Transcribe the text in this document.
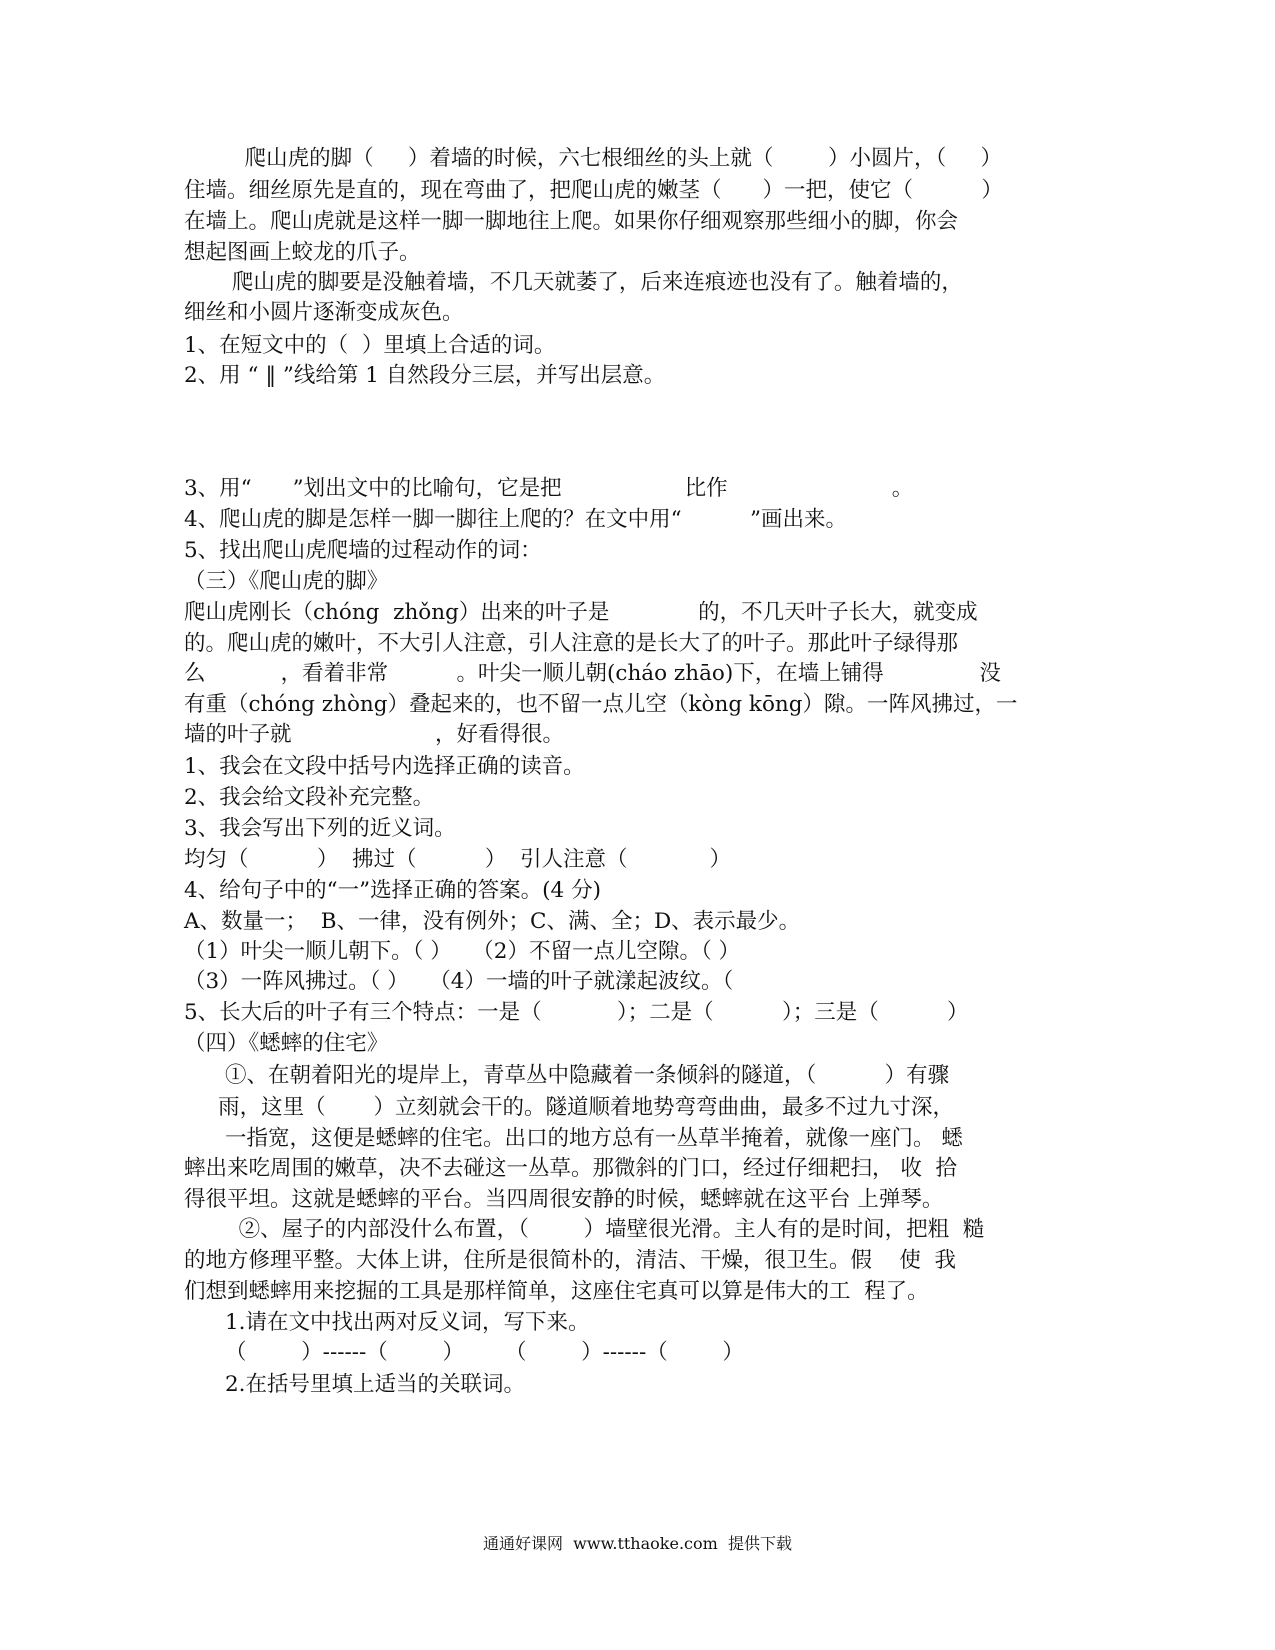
爬山虎的脚（     ）着墙的时候，六七根细丝的头上就（        ）小圆片，（     ）

住墙。细丝原先是直的，现在弯曲了，把爬山虎的嫩茎（      ）一把，使它（          ）

在墙上。爬山虎就是这样一脚一脚地往上爬。如果你仔细观察那些细小的脚，你会

想起图画上蛟龙的爪子。

爬山虎的脚要是没触着墙，不几天就萎了，后来连痕迹也没有了。触着墙的，

细丝和小圆片逐渐变成灰色。

1、在短文中的（  ）里填上合适的词。

2、用 “ ‖ ”线给第 1 自然段分三层，并写出层意。

3、用“      ”划出文中的比喻句，它是把                  比作                        。

4、爬山虎的脚是怎样一脚一脚往上爬的？在文中用“          ”画出来。

5、找出爬山虎爬墙的过程动作的词：

（三）《爬山虎的脚》

爬山虎刚长（chóng  zhǒng）出来的叶子是             的，不几天叶子长大，就变成

的。爬山虎的嫩叶，不大引人注意，引人注意的是长大了的叶子。那此叶子绿得那

么           ，看着非常          。叶尖一顺儿朝(cháo zhāo)下，在墙上铺得              没

有重（chóng zhòng）叠起来的，也不留一点儿空（kòng kōng）隙。一阵风拂过，一

墙的叶子就                     ，好看得很。

1、我会在文段中括号内选择正确的读音。

2、我会给文段补充完整。

3、我会写出下列的近义词。

均匀（          ）  拂过（          ）  引人注意（            ）

4、给句子中的“一”选择正确的答案。(4 分)

A、数量一；  B、一律，没有例外；C、满、全；D、表示最少。

（1）叶尖一顺儿朝下。（ ）   （2）不留一点儿空隙。（ ）

（3）一阵风拂过。（ ）   （4）一墙的叶子就漾起波纹。（

5、长大后的叶子有三个特点：一是（           ）；二是（          ）；三是（          ）

（四）《蟋蟀的住宅》

①、在朝着阳光的堤岸上，青草丛中隐藏着一条倾斜的隧道，（          ）有骤

雨，这里（       ）立刻就会干的。隧道顺着地势弯弯曲曲，最多不过九寸深，

一指宽，这便是蟋蟀的住宅。出口的地方总有一丛草半掩着，就像一座门。 蟋

蟀出来吃周围的嫩草，决不去碰这一丛草。那微斜的门口，经过仔细耙扫， 收  拾

得很平坦。这就是蟋蟀的平台。当四周很安静的时候，蟋蟀就在这平台 上弹琴。

②、屋子的内部没什么布置，（        ）墙壁很光滑。主人有的是时间，把粗  糙

的地方修理平整。大体上讲，住所是很简朴的，清洁、干燥，很卫生。假    使  我

们想到蟋蟀用来挖掘的工具是那样简单，这座住宅真可以算是伟大的工  程了。

1.请在文中找出两对反义词，写下来。

（        ）------（        ）      （        ）------（        ）

2.在括号里填上适当的关联词。

通通好课网  www.tthaoke.com  提供下载
